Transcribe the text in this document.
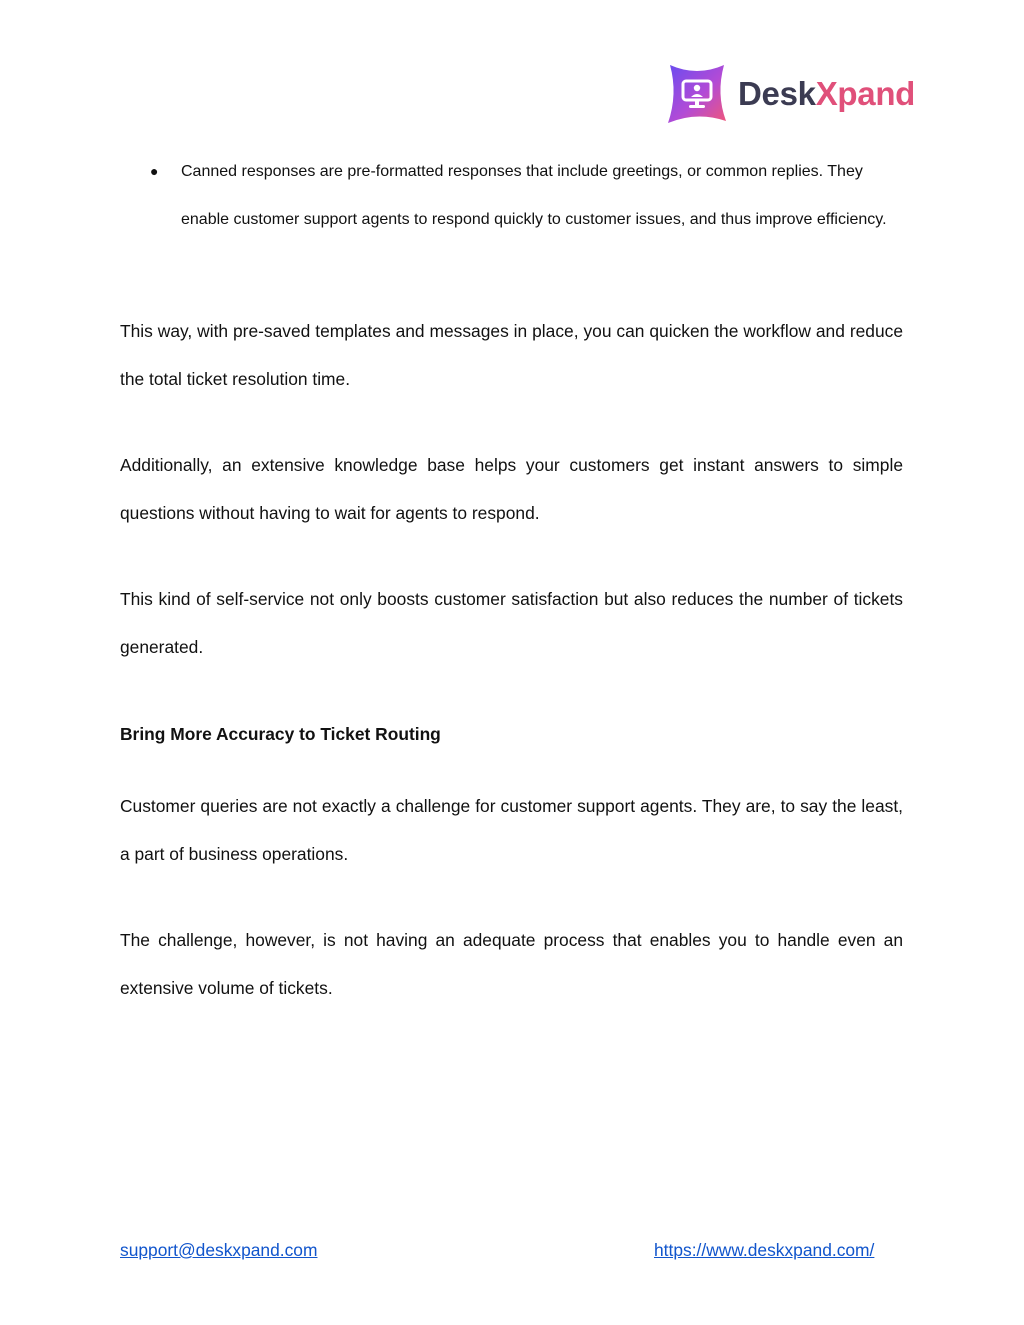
DeskXpand
● Canned responses are pre-formatted responses that include greetings, or common replies. They enable customer support agents to respond quickly to customer issues, and thus improve efficiency.
This way, with pre-saved templates and messages in place, you can quicken the workflow and reduce the total ticket resolution time.
Additionally, an extensive knowledge base helps your customers get instant answers to simple questions without having to wait for agents to respond.
This kind of self-service not only boosts customer satisfaction but also reduces the number of tickets generated.
Bring More Accuracy to Ticket Routing
Customer queries are not exactly a challenge for customer support agents. They are, to say the least, a part of business operations.
The challenge, however, is not having an adequate process that enables you to handle even an extensive volume of tickets.
support@deskxpand.com	https://www.deskxpand.com/
